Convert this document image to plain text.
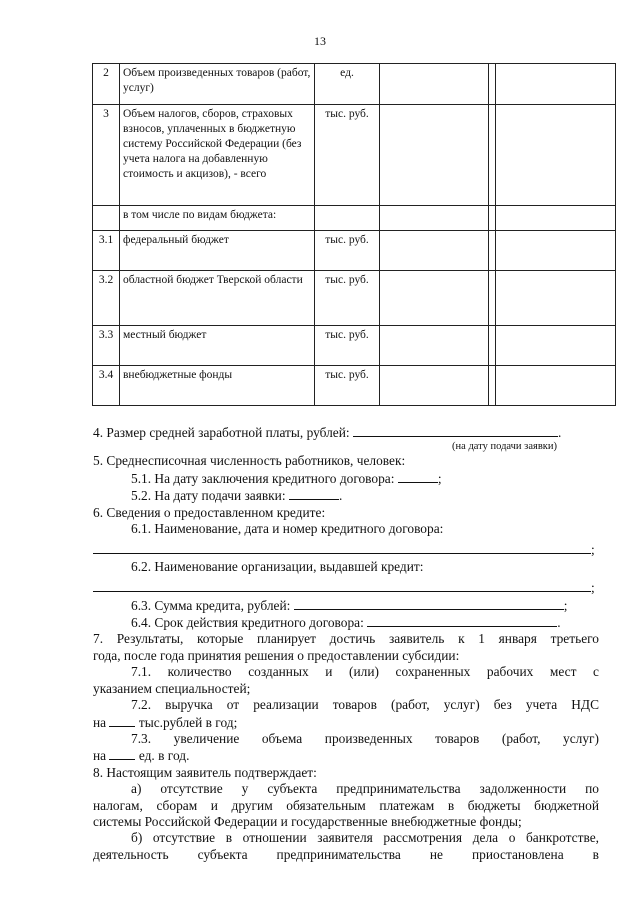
13
2	Объем произведенных товаров (работ, услуг)	ед.			
3	Объем налогов, сборов, страховых взносов, уплаченных в бюджетную систему Российской Федерации (без учета налога на добавленную стоимость и акцизов), - всего	тыс. руб.			
	в том числе по видам бюджета:				
3.1	федеральный бюджет	тыс. руб.			
3.2	областной бюджет Тверской области	тыс. руб.			
3.3	местный бюджет	тыс. руб.			
3.4	внебюджетные фонды	тыс. руб.			
4. Размер средней заработной платы, рублей:	.
(на дату подачи заявки)
5. Среднесписочная численность работников, человек:
5.1. На дату заключения кредитного договора:	;
5.2. На дату подачи заявки:	.
6. Сведения о предоставленном кредите:
6.1. Наименование, дата и номер кредитного договора:
;
6.2. Наименование организации, выдавшей кредит:
;
6.3. Сумма кредита, рублей:	;
6.4. Срок действия кредитного договора:	.
7. Результаты, которые планирует достичь заявитель к 1 января третьего
года, после года принятия решения о предоставлении субсидии:
7.1. количество созданных и (или) сохраненных рабочих мест с
указанием специальностей;
7.2. выручка от реализации товаров (работ, услуг) без учета НДС
на тыс.рублей в год;
7.3. увеличение объема произведенных товаров (работ, услуг)
на ед. в год.
8. Настоящим заявитель подтверждает:
а) отсутствие у субъекта предпринимательства задолженности по
налогам, сборам и другим обязательным платежам в бюджеты бюджетной
системы Российской Федерации и государственные внебюджетные фонды;
б) отсутствие в отношении заявителя рассмотрения дела о банкротстве,
деятельность субъекта предпринимательства не приостановлена в
